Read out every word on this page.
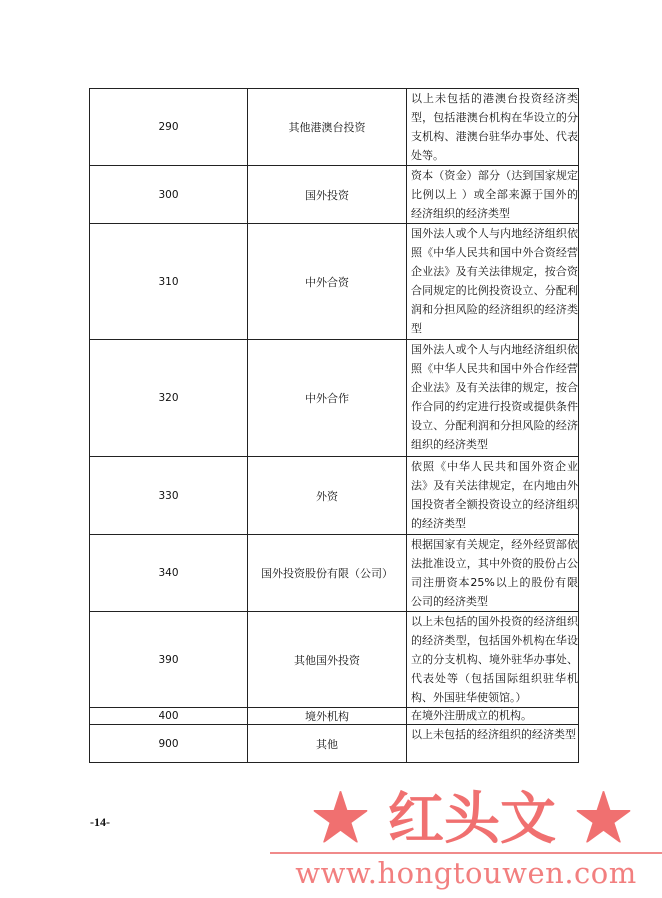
290	其他港澳台投资	以上未包括的港澳台投资经济类型，包括港澳台机构在华设立的分支机构、港澳台驻华办事处、代表处等。
300	国外投资	资本（资金）部分（达到国家规定比例以上 ）或全部来源于国外的经济组织的经济类型
310	中外合资	国外法人或个人与内地经济组织依照《中华人民共和国中外合资经营企业法》及有关法律规定，按合资合同规定的比例投资设立、分配利润和分担风险的经济组织的经济类型
320	中外合作	国外法人或个人与内地经济组织依照《中华人民共和国中外合作经营企业法》及有关法律的规定，按合作合同的约定进行投资或提供条件设立、分配利润和分担风险的经济组织的经济类型
330	外资	依照《中华人民共和国外资企业法》及有关法律规定，在内地由外国投资者全额投资设立的经济组织的经济类型
340	国外投资股份有限（公司）	根据国家有关规定，经外经贸部依法批准设立，其中外资的股份占公司注册资本25%以上的股份有限公司的经济类型
390	其他国外投资	以上未包括的国外投资的经济组织的经济类型，包括国外机构在华设立的分支机构、境外驻华办事处、代表处等（包括国际组织驻华机构、外国驻华使领馆。）
400	境外机构	在境外注册成立的机构。
900	其他	以上未包括的经济组织的经济类型
-14-	★ 红头文 ★
www.hongtouwen.com
